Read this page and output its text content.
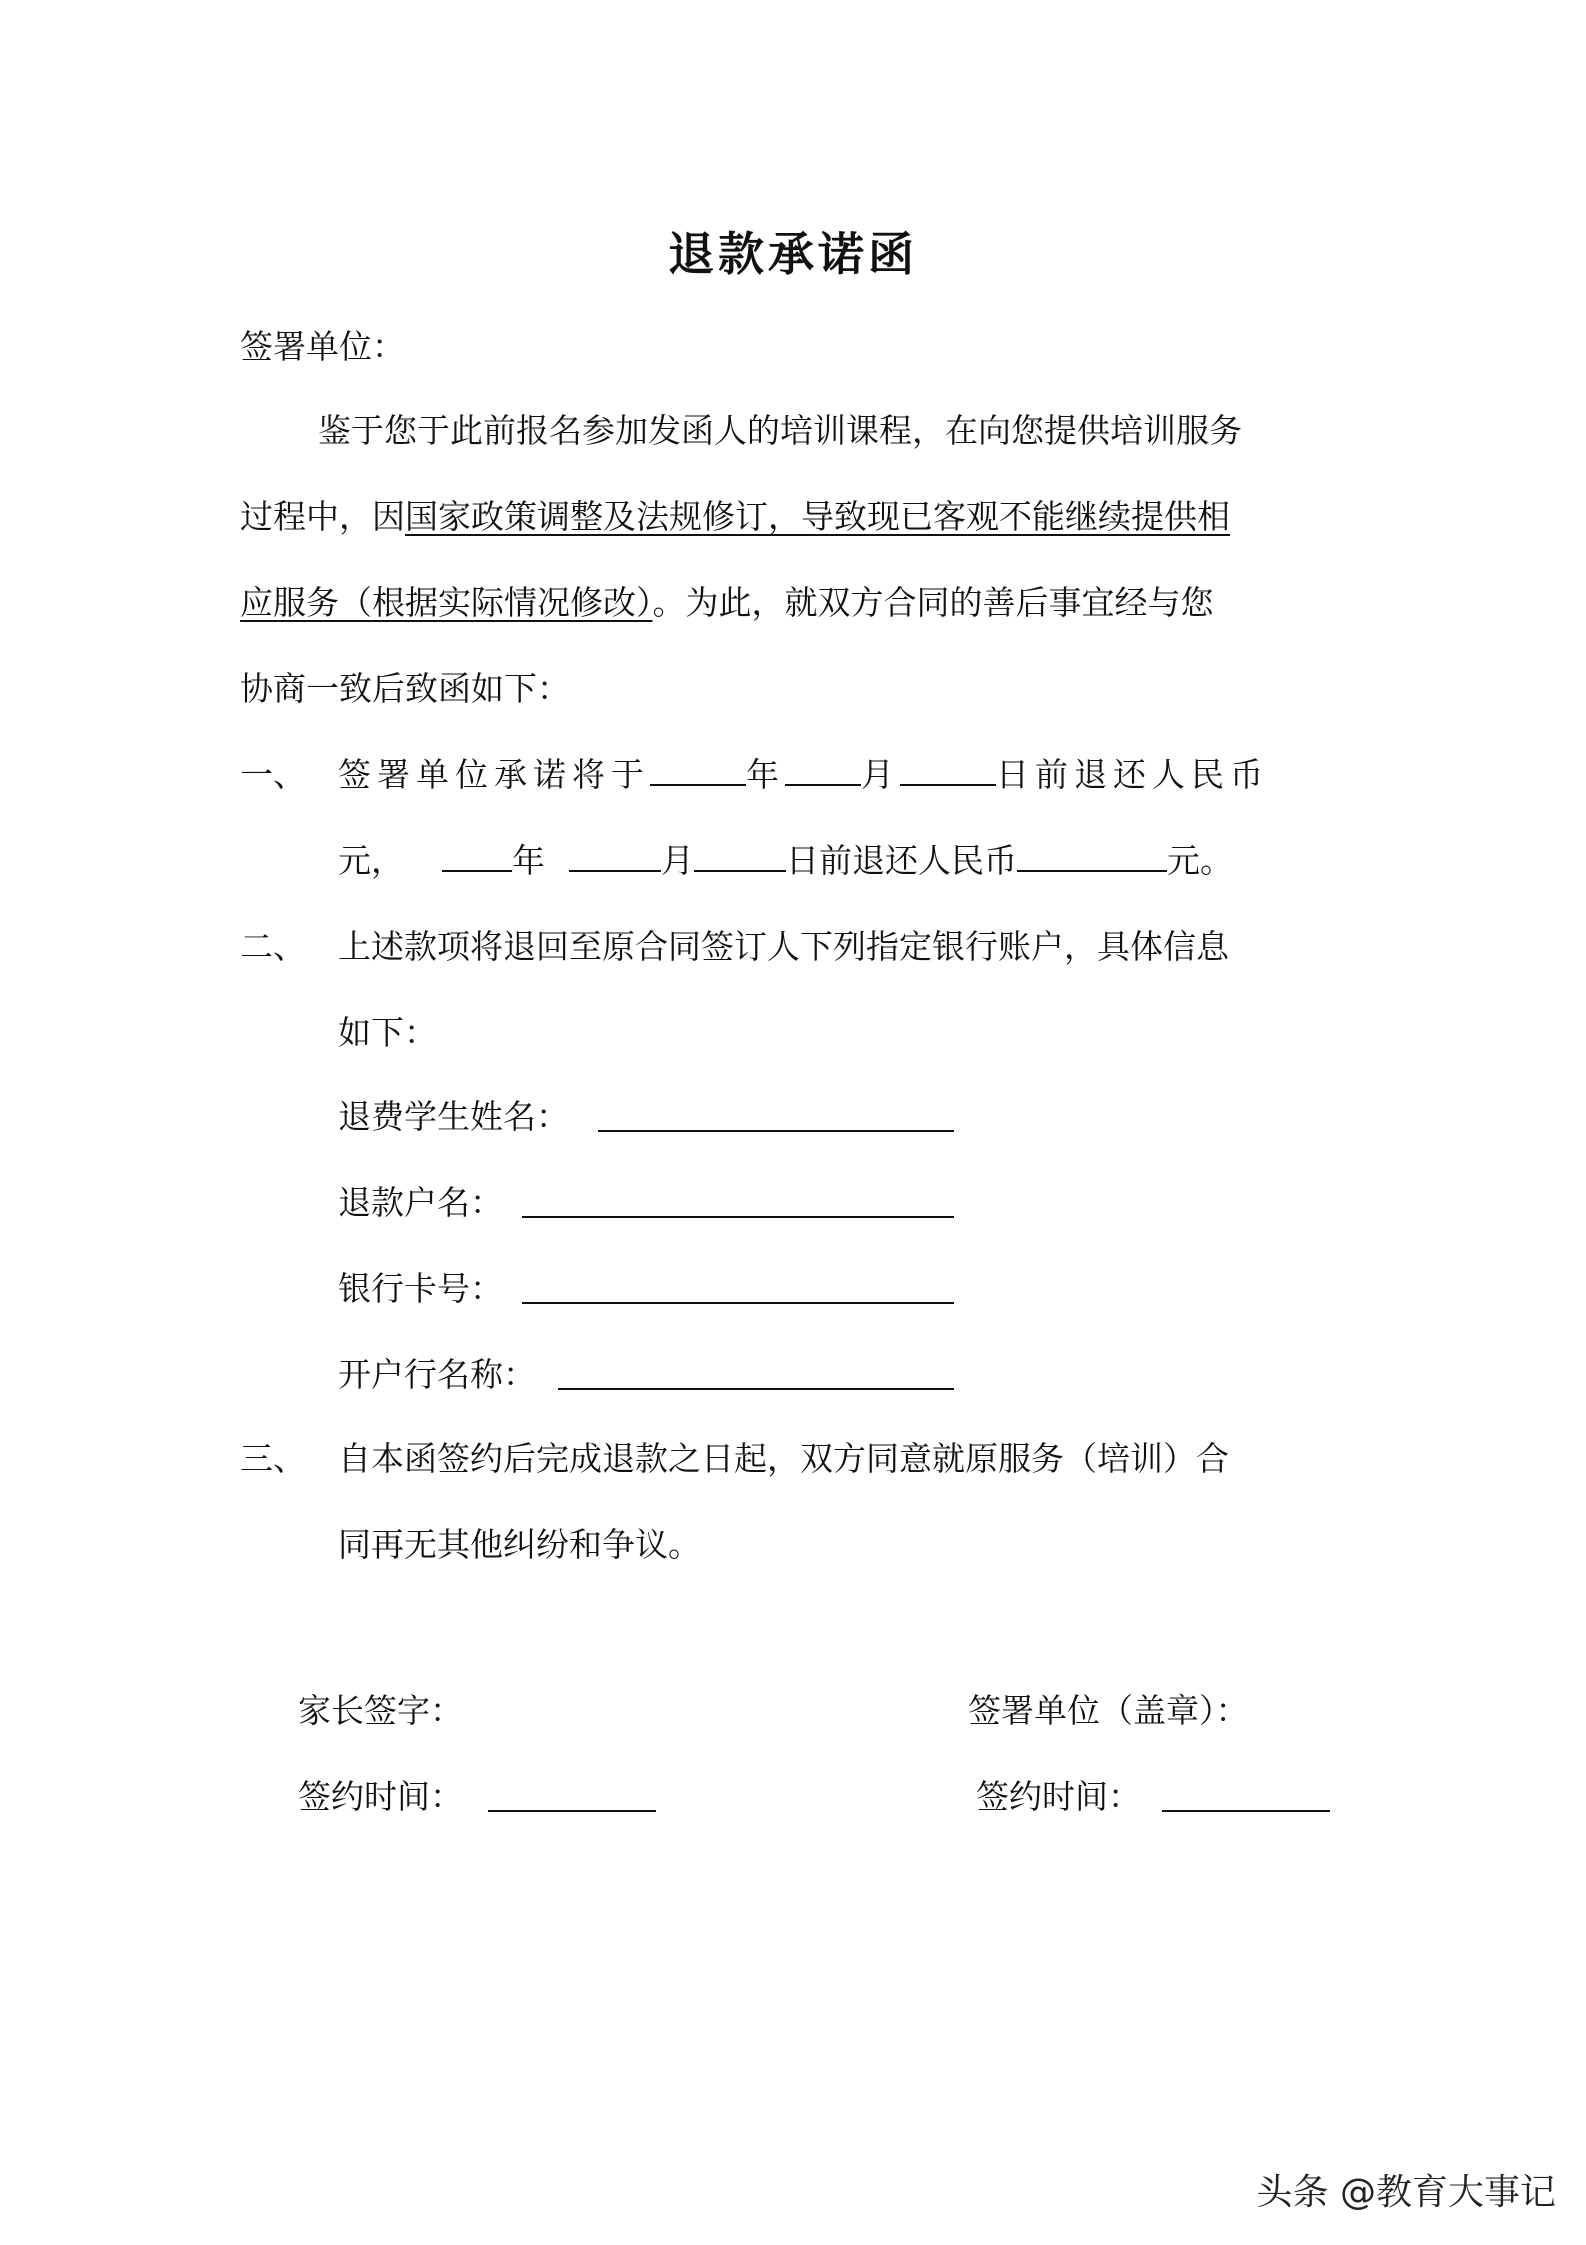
退款承诺函
签署单位：
鉴于您于此前报名参加发函人的培训课程，在向您提供培训服务
过程中，因国家政策调整及法规修订，导致现已客观不能继续提供相
应服务（根据实际情况修改）。为此，就双方合同的善后事宜经与您
协商一致后致函如下：
一、 签署单位承诺将于	年 月	日前退还人民币
元，	年	月	日前退还人民币	元。
二、 上述款项将退回至原合同签订人下列指定银行账户，具体信息
如下：
退费学生姓名：
退款户名：
银行卡号：
开户行名称：
三、 自本函签约后完成退款之日起，双方同意就原服务（培训）合
同再无其他纠纷和争议。
家长签字：	签署单位（盖章）：
签约时间：	签约时间：
头条 @教育大事记
